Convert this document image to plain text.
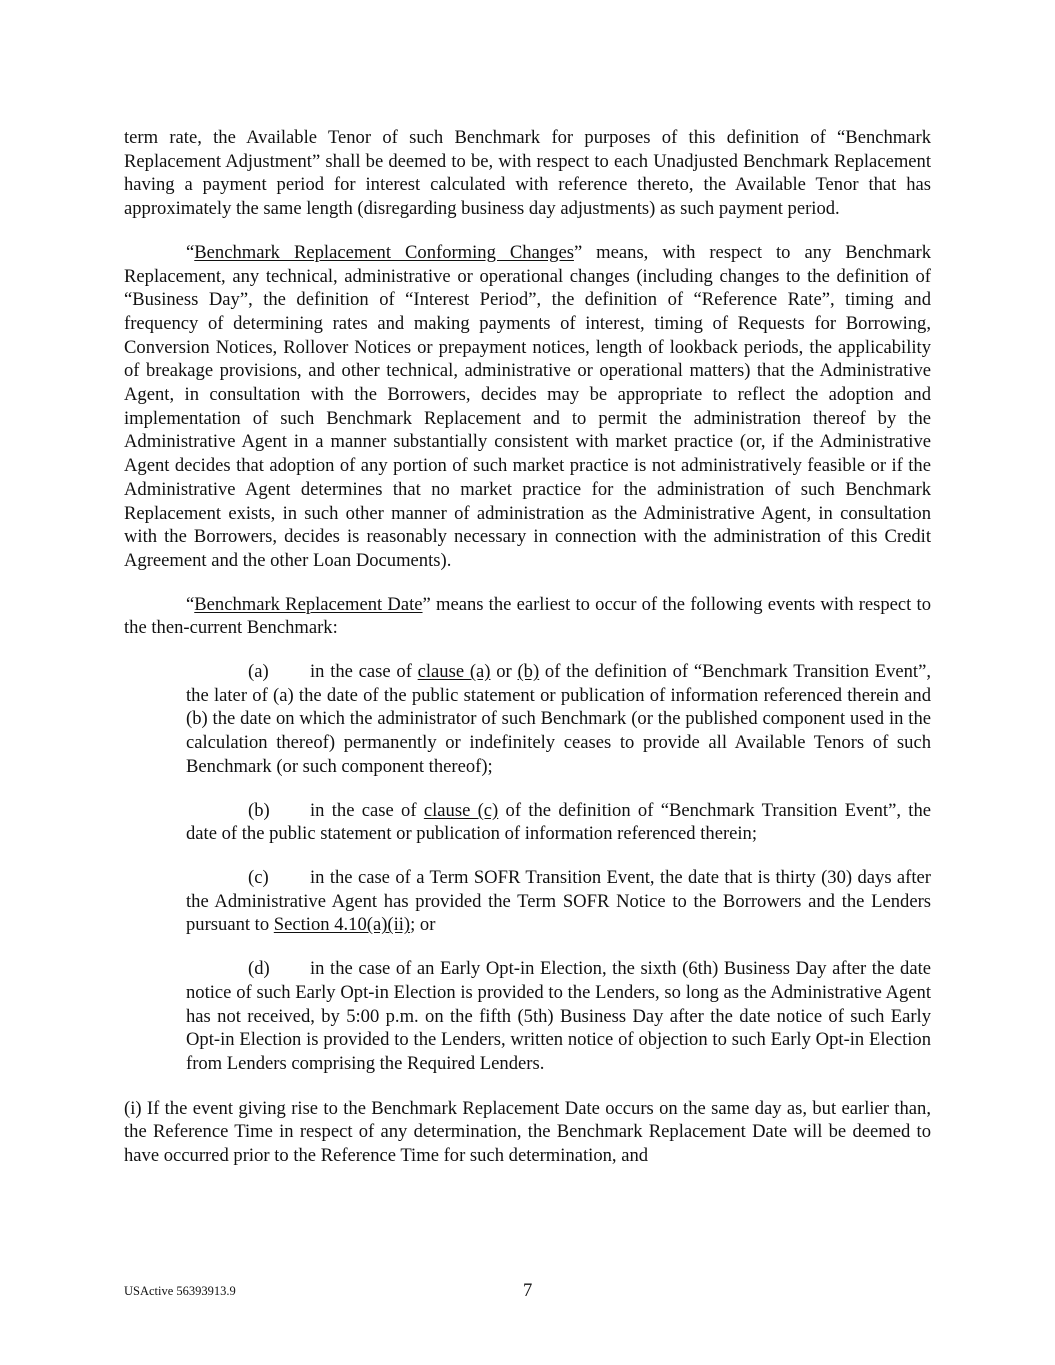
term rate, the Available Tenor of such Benchmark for purposes of this definition of “Benchmark Replacement Adjustment” shall be deemed to be, with respect to each Unadjusted Benchmark Replacement having a payment period for interest calculated with reference thereto, the Available Tenor that has approximately the same length (disregarding business day adjustments) as such payment period.

“Benchmark Replacement Conforming Changes” means, with respect to any Benchmark Replacement, any technical, administrative or operational changes (including changes to the definition of “Business Day”, the definition of “Interest Period”, the definition of “Reference Rate”, timing and frequency of determining rates and making payments of interest, timing of Requests for Borrowing, Conversion Notices, Rollover Notices or prepayment notices, length of lookback periods, the applicability of breakage provisions, and other technical, administrative or operational matters) that the Administrative Agent, in consultation with the Borrowers, decides may be appropriate to reflect the adoption and implementation of such Benchmark Replacement and to permit the administration thereof by the Administrative Agent in a manner substantially consistent with market practice (or, if the Administrative Agent decides that adoption of any portion of such market practice is not administratively feasible or if the Administrative Agent determines that no market practice for the administration of such Benchmark Replacement exists, in such other manner of administration as the Administrative Agent, in consultation with the Borrowers, decides is reasonably necessary in connection with the administration of this Credit Agreement and the other Loan Documents).

“Benchmark Replacement Date” means the earliest to occur of the following events with respect to the then-current Benchmark:

(a) in the case of clause (a) or (b) of the definition of “Benchmark Transition Event”, the later of (a) the date of the public statement or publication of information referenced therein and (b) the date on which the administrator of such Benchmark (or the published component used in the calculation thereof) permanently or indefinitely ceases to provide all Available Tenors of such Benchmark (or such component thereof);

(b) in the case of clause (c) of the definition of “Benchmark Transition Event”, the date of the public statement or publication of information referenced therein;

(c) in the case of a Term SOFR Transition Event, the date that is thirty (30) days after the Administrative Agent has provided the Term SOFR Notice to the Borrowers and the Lenders pursuant to Section 4.10(a)(ii); or

(d) in the case of an Early Opt-in Election, the sixth (6th) Business Day after the date notice of such Early Opt-in Election is provided to the Lenders, so long as the Administrative Agent has not received, by 5:00 p.m. on the fifth (5th) Business Day after the date notice of such Early Opt-in Election is provided to the Lenders, written notice of objection to such Early Opt-in Election from Lenders comprising the Required Lenders.

(i) If the event giving rise to the Benchmark Replacement Date occurs on the same day as, but earlier than, the Reference Time in respect of any determination, the Benchmark Replacement Date will be deemed to have occurred prior to the Reference Time for such determination, and

USActive 56393913.9	7
